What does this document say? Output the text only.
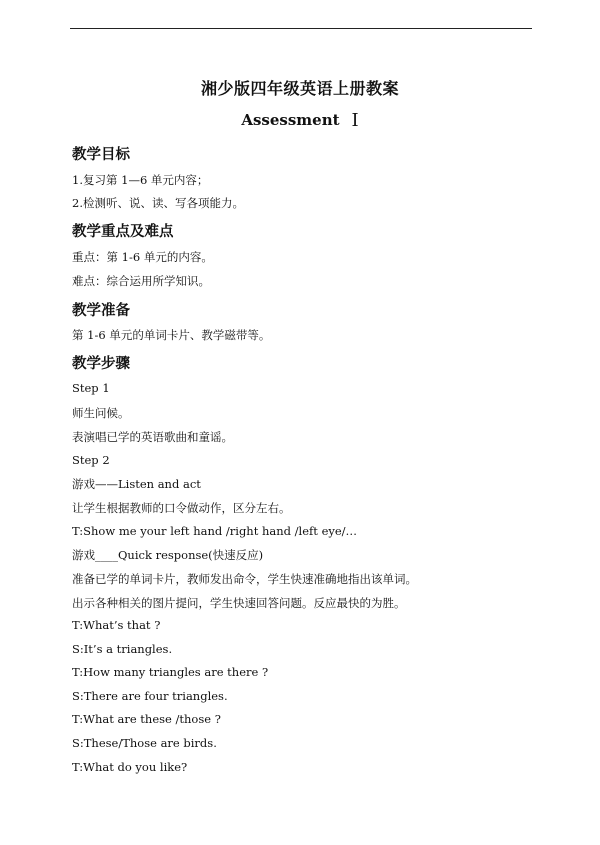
湘少版四年级英语上册教案
Assessment Ⅰ
教学目标
1.复习第 1—6 单元内容；
2.检测听、说、读、写各项能力。
教学重点及难点
重点：第 1-6 单元的内容。
难点：综合运用所学知识。
教学准备
第 1-6 单元的单词卡片、教学磁带等。
教学步骤
Step 1
师生问候。
表演唱已学的英语歌曲和童谣。
Step 2
游戏——Listen and act
让学生根据教师的口令做动作，区分左右。
T:Show me your left hand /right hand /left eye/…
游戏____Quick response(快速反应)
准备已学的单词卡片，教师发出命令，学生快速准确地指出该单词。
出示各种相关的图片提问，学生快速回答问题。反应最快的为胜。
T:What’s that ?
S:It’s a triangles.
T:How many triangles are there ?
S:There are four triangles.
T:What are these /those ?
S:These/Those are birds.
T:What do you like?
